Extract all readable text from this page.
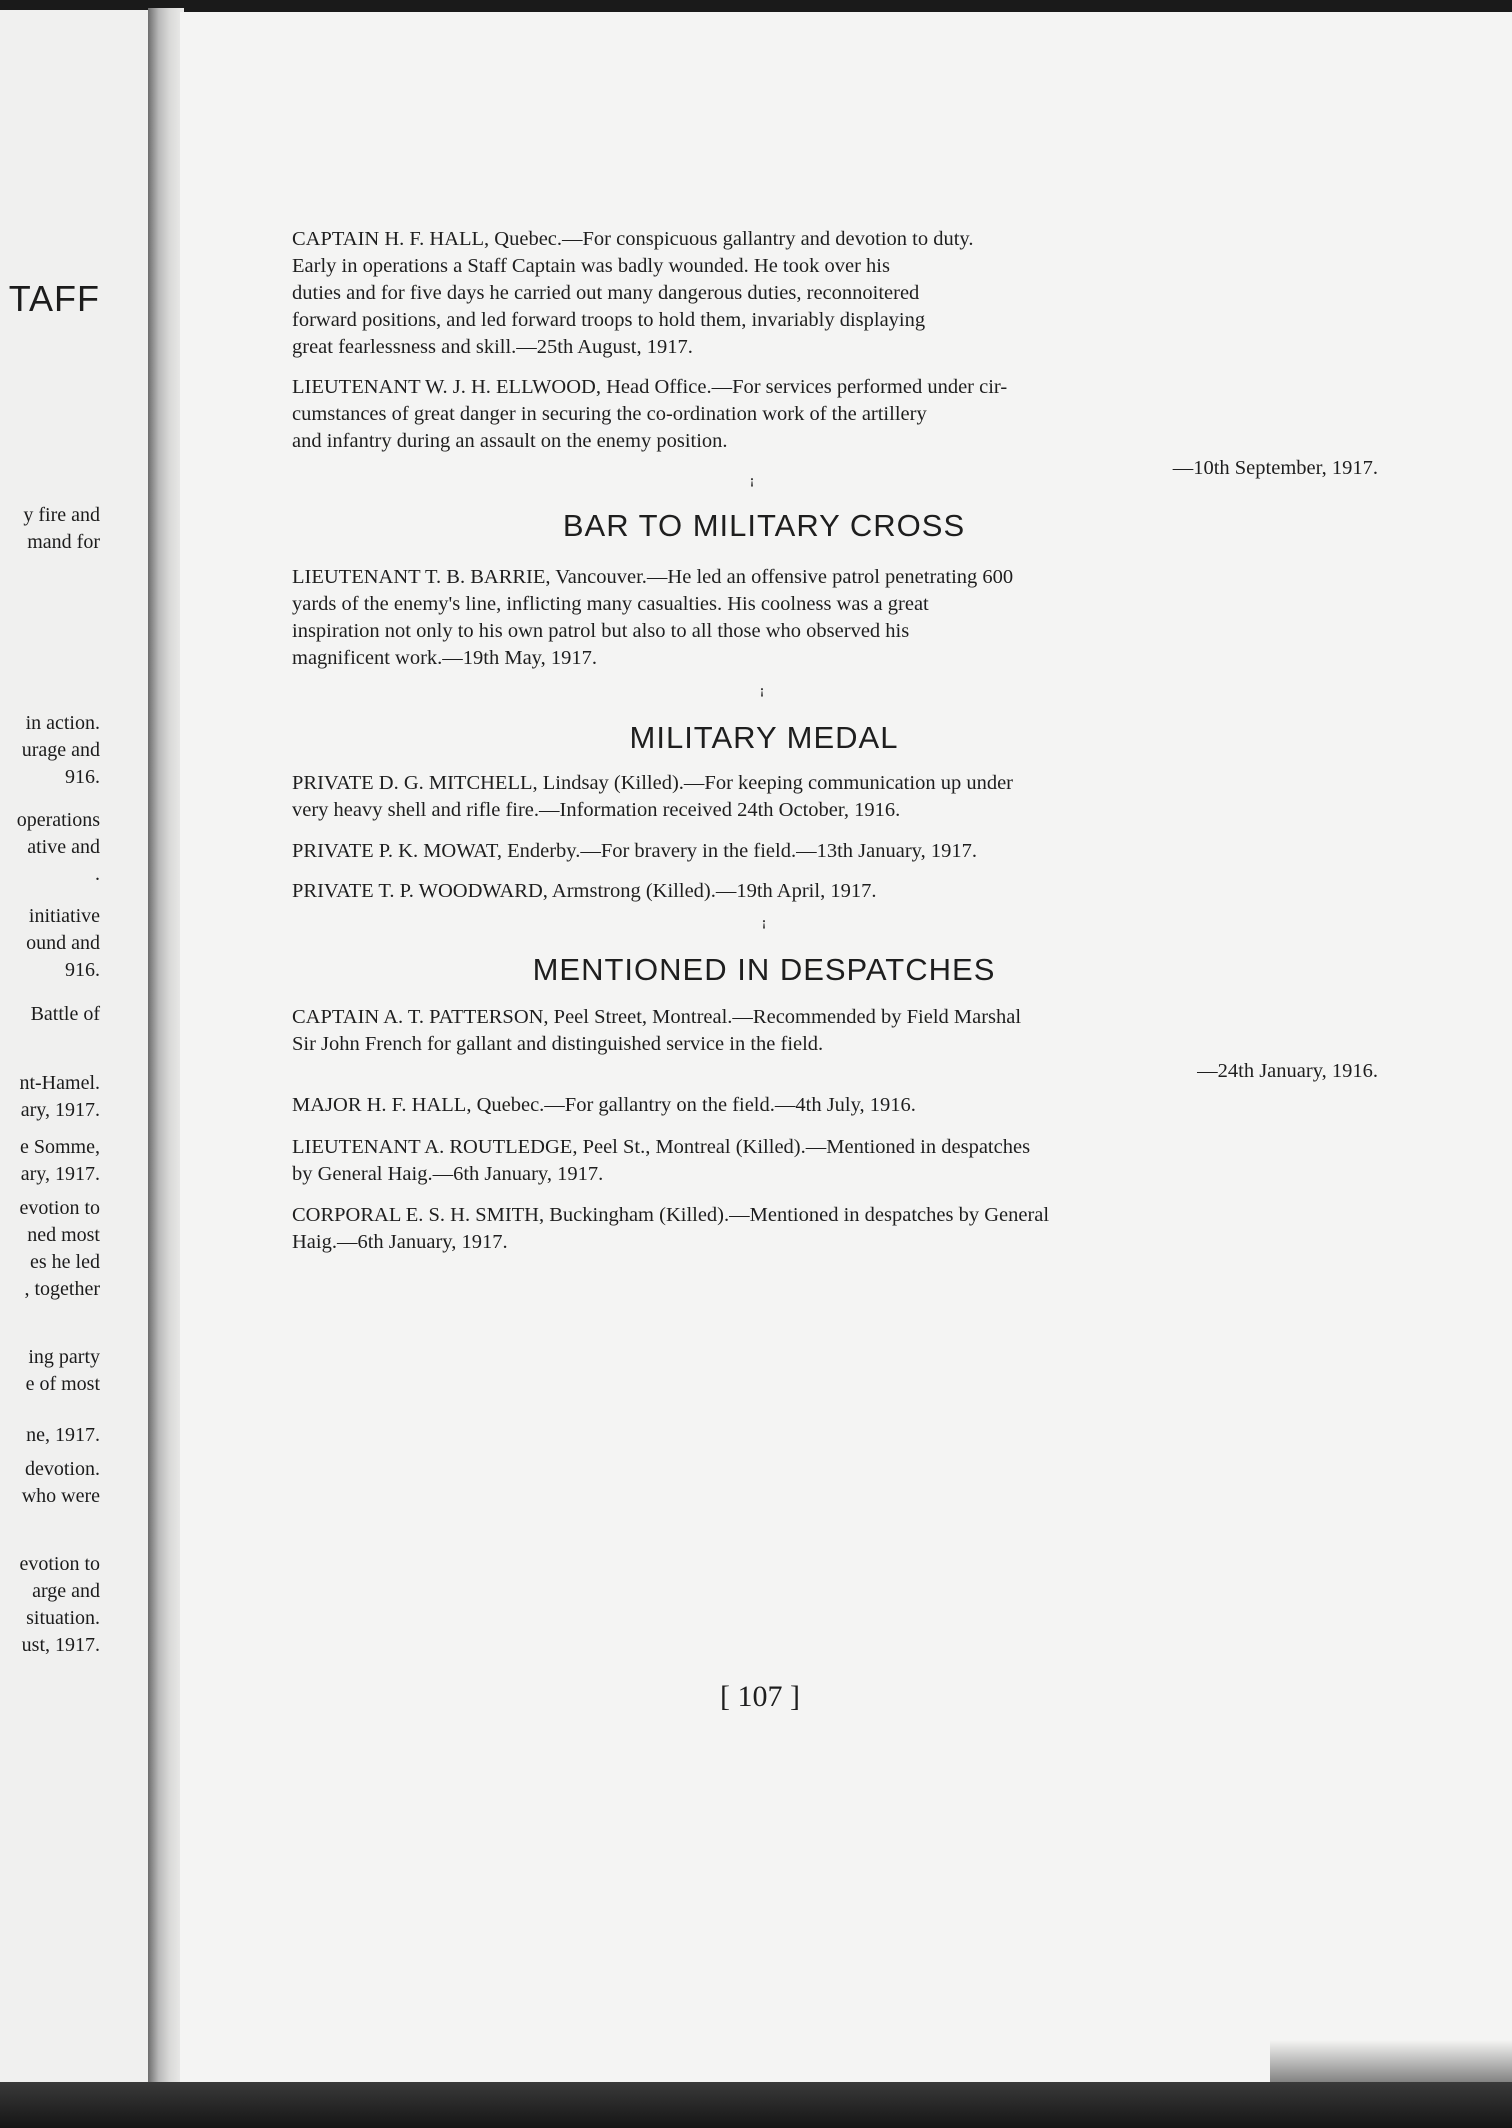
TAFF
y fire and
mand for
in action.
urage and
916.
operations
ative and
.
initiative
ound and
916.
Battle of
nt-Hamel.
ary, 1917.
e Somme,
ary, 1917.
evotion to
ned most
es he led
, together
ing party
e of most
ne, 1917.
devotion.
who were
evotion to
arge and
situation.
ust, 1917.
CAPTAIN H. F. HALL, Quebec.—For conspicuous gallantry and devotion to duty.
Early in operations a Staff Captain was badly wounded. He took over his
duties and for five days he carried out many dangerous duties, reconnoitered
forward positions, and led forward troops to hold them, invariably displaying
great fearlessness and skill.—25th August, 1917.
LIEUTENANT W. J. H. ELLWOOD, Head Office.—For services performed under cir-
cumstances of great danger in securing the co-ordination work of the artillery
and infantry during an assault on the enemy position.
—10th September, 1917.
ꜟ
BAR TO MILITARY CROSS
LIEUTENANT T. B. BARRIE, Vancouver.—He led an offensive patrol penetrating 600
yards of the enemy's line, inflicting many casualties. His coolness was a great
inspiration not only to his own patrol but also to all those who observed his
magnificent work.—19th May, 1917.
ꜟ
MILITARY MEDAL
PRIVATE D. G. MITCHELL, Lindsay (Killed).—For keeping communication up under
very heavy shell and rifle fire.—Information received 24th October, 1916.
PRIVATE P. K. MOWAT, Enderby.—For bravery in the field.—13th January, 1917.
PRIVATE T. P. WOODWARD, Armstrong (Killed).—19th April, 1917.
ꜟ
MENTIONED IN DESPATCHES
CAPTAIN A. T. PATTERSON, Peel Street, Montreal.—Recommended by Field Marshal
Sir John French for gallant and distinguished service in the field.
—24th January, 1916.
MAJOR H. F. HALL, Quebec.—For gallantry on the field.—4th July, 1916.
LIEUTENANT A. ROUTLEDGE, Peel St., Montreal (Killed).—Mentioned in despatches
by General Haig.—6th January, 1917.
CORPORAL E. S. H. SMITH, Buckingham (Killed).—Mentioned in despatches by General
Haig.—6th January, 1917.
[ 107 ]
